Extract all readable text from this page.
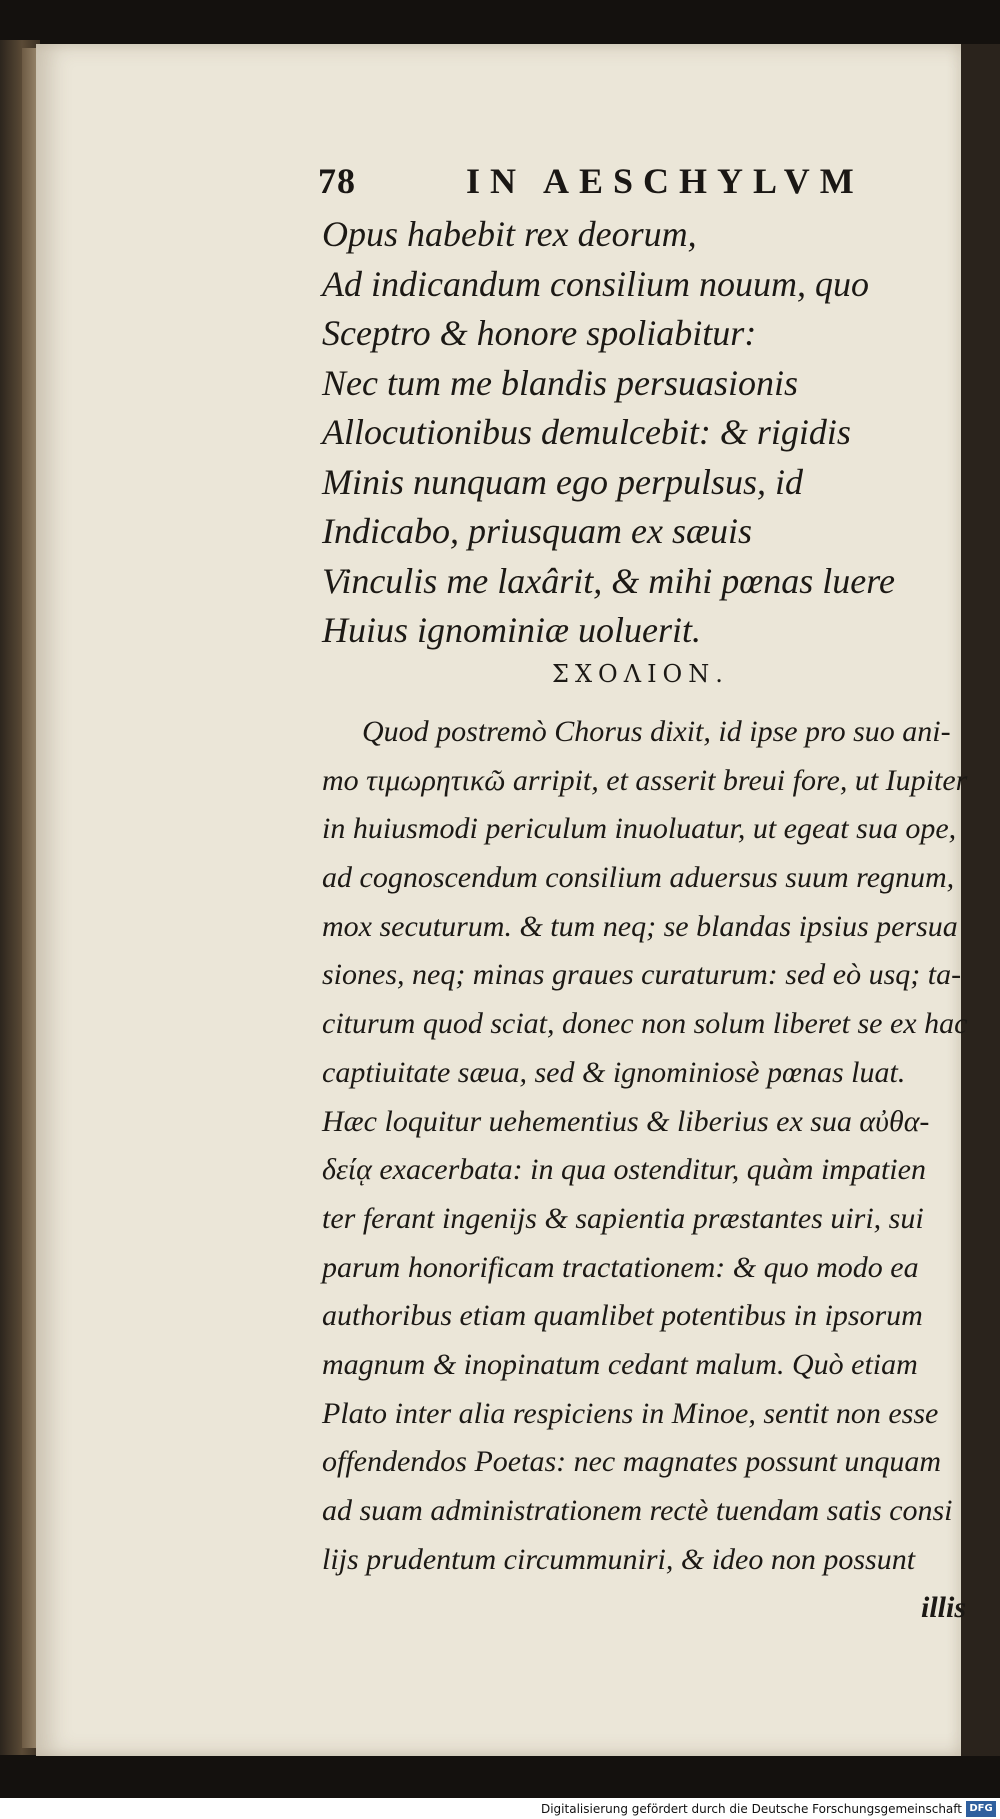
78	IN AESCHYLVM
Opus habebit rex deorum,
Ad indicandum consilium nouum, quo
Sceptro & honore spoliabitur:
Nec tum me blandis persuasionis
Allocutionibus demulcebit: & rigidis
Minis nunquam ego perpulsus, id
Indicabo, priusquam ex sæuis
Vinculis me laxârit, & mihi pœnas luere
Huius ignominiæ uoluerit.
ΣΧΟΛΙΟΝ.
Quod postremò Chorus dixit, id ipse pro suo ani-
mo τιμωρητικῶ arripit, et asserit breui fore, ut Iupiter
in huiusmodi periculum inuoluatur, ut egeat sua ope,
ad cognoscendum consilium aduersus suum regnum,
mox secuturum. & tum neq; se blandas ipsius persua
siones, neq; minas graues curaturum: sed eò usq; ta-
citurum quod sciat, donec non solum liberet se ex hac
captiuitate sæua, sed & ignominiosè pœnas luat.
Hæc loquitur uehementius & liberius ex sua αὐθα-
δείᾳ exacerbata: in qua ostenditur, quàm impatien
ter ferant ingenijs & sapientia præstantes uiri, sui
parum honorificam tractationem: & quo modo ea
authoribus etiam quamlibet potentibus in ipsorum
magnum & inopinatum cedant malum. Quò etiam
Plato inter alia respiciens in Minoe, sentit non esse
offendendos Poetas: nec magnates possunt unquam
ad suam administrationem rectè tuendam satis consi
lijs prudentum circummuniri, & ideo non possunt
illis
Digitalisierung gefördert durch die Deutsche Forschungsgemeinschaft DFG
